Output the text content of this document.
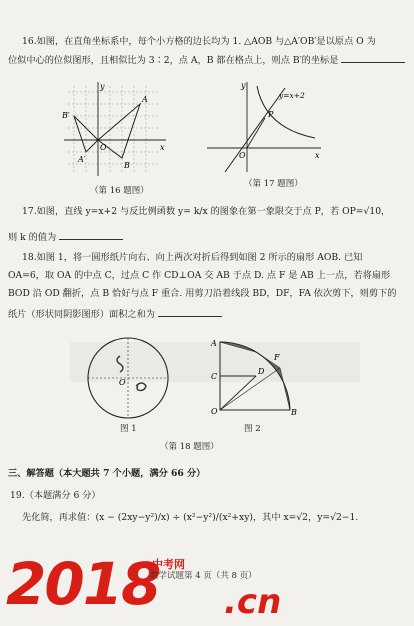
16.如图，在直角坐标系中，每个小方格的边长均为 1. △AOB 与△A′OB′是以原点 O 为
位似中心的位似图形，且相似比为 3∶2，点 A，B 都在格点上，则点 B′的坐标是
y
x
A
B
B′
A′
O
（第 16 题图）
y
x
P
O
y=x+2
（第 17 题图）
17.如图，直线 y=x+2 与反比例函数 y= k/x 的图象在第一象限交于点 P，若 OP=√10，
则 k 的值为
18.如图 1，将一圆形纸片向右、向上两次对折后得到如图 2 所示的扇形 AOB. 已知
OA=6，取 OA 的中点 C，过点 C 作 CD⊥OA 交 AB 于点 D. 点 F 是 AB 上一点，若将扇形
BOD 沿 OD 翻折，点 B 恰好与点 F 重合. 用剪刀沿着线段 BD，DF，FA 依次剪下，则剪下的
纸片（形状同阴影图形）面积之和为
O
图 1
A
C
O
D
F
B
图 2
（第 18 题图）
三、解答题（本大题共 7 个小题，满分 66 分）
19.（本题满分 6 分）
先化简，再求值：(x − (2xy−y²)/x) ÷ (x²−y²)/(x²+xy)，其中 x=√2，y=√2−1.
中考网
2018 .cn
数学试题第 4 页（共 8 页）
